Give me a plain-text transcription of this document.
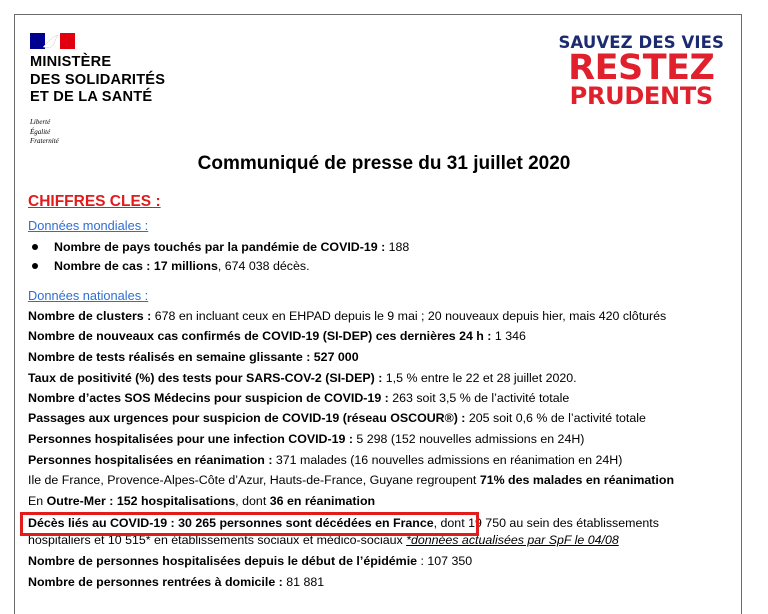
MINISTÈRE
DES SOLIDARITÉS
ET DE LA SANTÉ
Liberté
Égalité
Fraternité
SAUVEZ DES VIES
RESTEZ
PRUDENTS
Communiqué de presse du 31 juillet 2020
CHIFFRES CLES :
Données mondiales :
Nombre de pays touchés par la pandémie de COVID-19 : 188
Nombre de cas : 17 millions, 674 038 décès.
Données nationales :
Nombre de clusters : 678 en incluant ceux en EHPAD depuis le 9 mai ; 20 nouveaux depuis hier, mais 420 clôturés
Nombre de nouveaux cas confirmés de COVID-19 (SI-DEP) ces dernières 24 h : 1 346
Nombre de tests réalisés en semaine glissante : 527 000
Taux de positivité (%) des tests pour SARS-COV-2 (SI-DEP) : 1,5 % entre le 22 et 28 juillet 2020.
Nombre d’actes SOS Médecins pour suspicion de COVID-19 : 263 soit 3,5 % de l’activité totale
Passages aux urgences pour suspicion de COVID-19 (réseau OSCOUR®) : 205 soit 0,6 % de l’activité totale
Personnes hospitalisées pour une infection COVID-19 : 5 298 (152 nouvelles admissions en 24H)
Personnes hospitalisées en réanimation : 371 malades (16 nouvelles admissions en réanimation en 24H)
Ile de France, Provence-Alpes-Côte d’Azur, Hauts-de-France, Guyane regroupent 71% des malades en réanimation
En Outre-Mer : 152 hospitalisations, dont 36 en réanimation
Décès liés au COVID-19 : 30 265 personnes sont décédées en France, dont 19 750 au sein des établissements
hospitaliers et 10 515* en établissements sociaux et médico-sociaux *données actualisées par SpF le 04/08
Nombre de personnes hospitalisées depuis le début de l’épidémie : 107 350
Nombre de personnes rentrées à domicile : 81 881
